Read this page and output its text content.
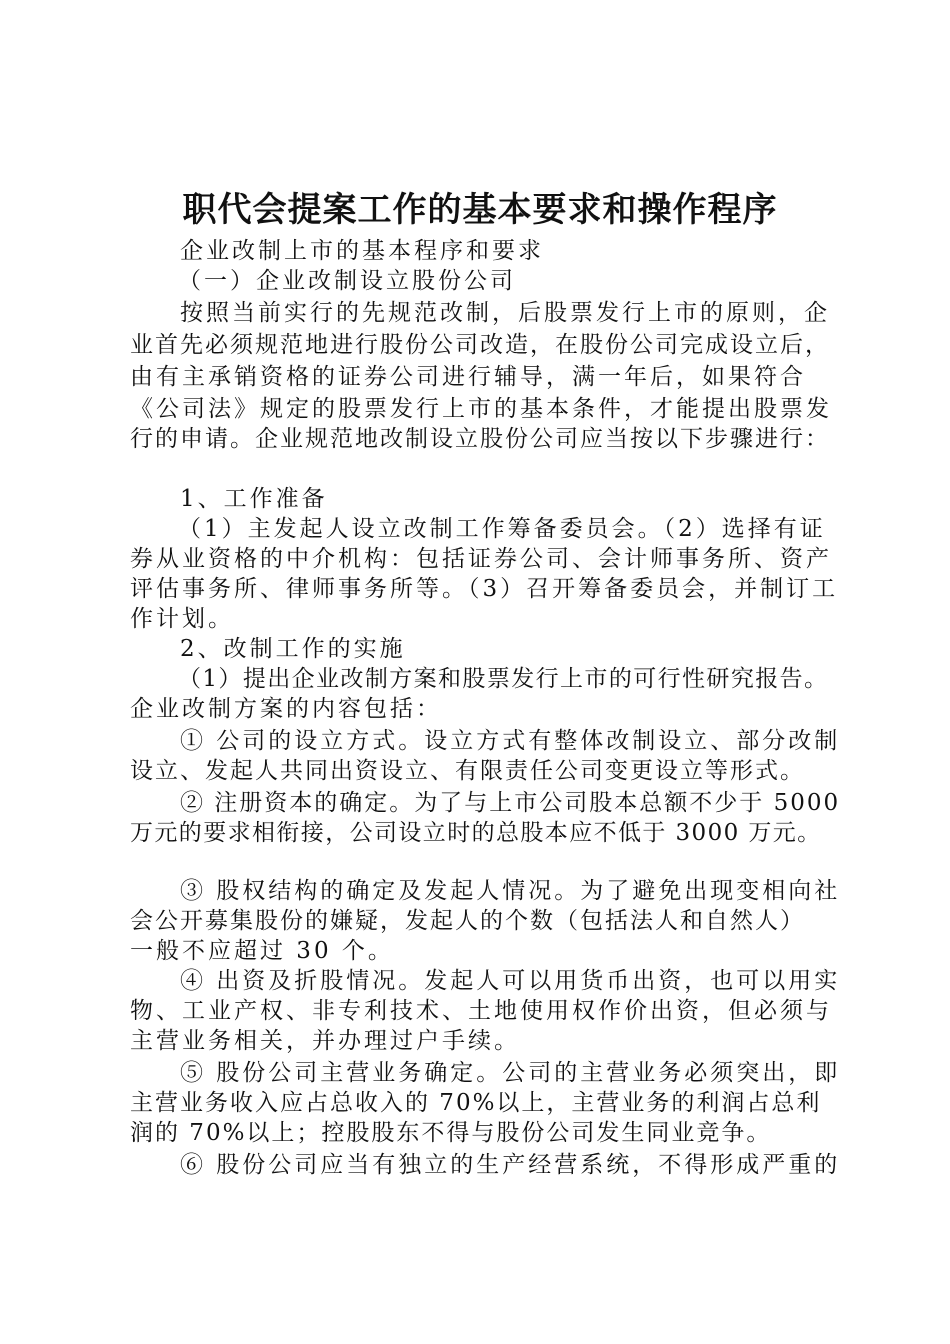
职代会提案工作的基本要求和操作程序
企业改制上市的基本程序和要求
（一）企业改制设立股份公司
按照当前实行的先规范改制，后股票发行上市的原则，企
业首先必须规范地进行股份公司改造，在股份公司完成设立后，
由有主承销资格的证券公司进行辅导，满一年后，如果符合
《公司法》规定的股票发行上市的基本条件，才能提出股票发
行的申请。企业规范地改制设立股份公司应当按以下步骤进行：
1、工作准备
（1）主发起人设立改制工作筹备委员会。（2）选择有证
券从业资格的中介机构：包括证券公司、会计师事务所、资产
评估事务所、律师事务所等。（3）召开筹备委员会，并制订工
作计划。
2、改制工作的实施
（1）提出企业改制方案和股票发行上市的可行性研究报告。
企业改制方案的内容包括：
① 公司的设立方式。设立方式有整体改制设立、部分改制
设立、发起人共同出资设立、有限责任公司变更设立等形式。
② 注册资本的确定。为了与上市公司股本总额不少于 5000
万元的要求相衔接，公司设立时的总股本应不低于 3000 万元。
③ 股权结构的确定及发起人情况。为了避免出现变相向社
会公开募集股份的嫌疑，发起人的个数（包括法人和自然人）
一般不应超过 30 个。
④ 出资及折股情况。发起人可以用货币出资，也可以用实
物、工业产权、非专利技术、土地使用权作价出资，但必须与
主营业务相关，并办理过户手续。
⑤ 股份公司主营业务确定。公司的主营业务必须突出，即
主营业务收入应占总收入的 70%以上，主营业务的利润占总利
润的 70%以上；控股股东不得与股份公司发生同业竞争。
⑥ 股份公司应当有独立的生产经营系统，不得形成严重的
